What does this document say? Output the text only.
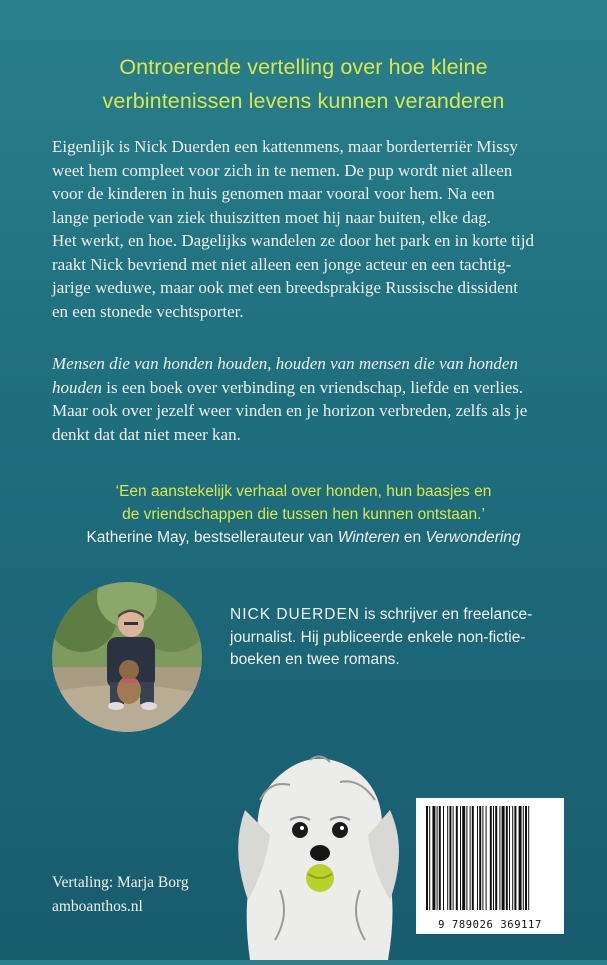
Ontroerende vertelling over hoe kleine
verbintenissen levens kunnen veranderen
Eigenlijk is Nick Duerden een kattenmens, maar borderterriër Missy
weet hem compleet voor zich in te nemen. De pup wordt niet alleen
voor de kinderen in huis genomen maar vooral voor hem. Na een
lange periode van ziek thuiszitten moet hij naar buiten, elke dag.
Het werkt, en hoe. Dagelijks wandelen ze door het park en in korte tijd
raakt Nick bevriend met niet alleen een jonge acteur en een tachtig-
jarige weduwe, maar ook met een breedsprakige Russische dissident
en een stonede vechtsporter.
Mensen die van honden houden, houden van mensen die van honden
houden is een boek over verbinding en vriendschap, liefde en verlies.
Maar ook over jezelf weer vinden en je horizon verbreden, zelfs als je
denkt dat dat niet meer kan.
‘Een aanstekelijk verhaal over honden, hun baasjes en
de vriendschappen die tussen hen kunnen ontstaan.’
Katherine May, bestsellerauteur van Winteren en Verwondering
NICK DUERDEN is schrijver en freelance-
journalist. Hij publiceerde enkele non-fictie-
boeken en twee romans.
Vertaling: Marja Borg
amboanthos.nl
9 789026 369117
